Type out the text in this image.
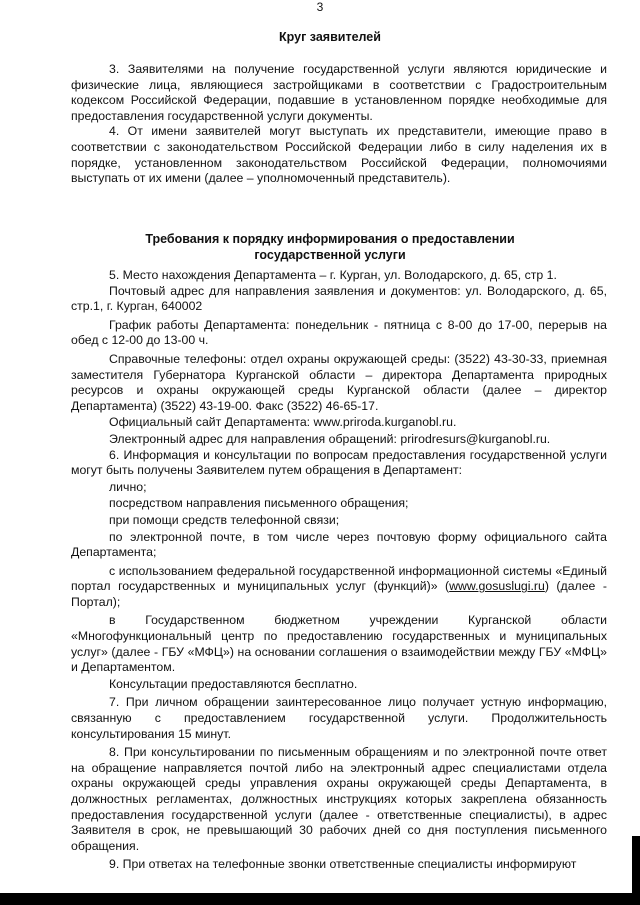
3
Круг заявителей

3. Заявителями на получение государственной услуги являются юридические и физические лица, являющиеся застройщиками в соответствии с Градостроительным кодексом Российской Федерации, подавшие в установленном порядке необходимые для предоставления государственной услуги документы.

4. От имени заявителей могут выступать их представители, имеющие право в соответствии с законодательством Российской Федерации либо в силу наделения их в порядке, установленном законодательством Российской Федерации, полномочиями выступать от их имени (далее – уполномоченный представитель).

Требования к порядку информирования о предоставлении
государственной услуги

5. Место нахождения Департамента – г. Курган, ул. Володарского, д. 65, стр 1.

Почтовый адрес для направления заявления и документов: ул. Володарского, д. 65, стр.1, г. Курган, 640002

График работы Департамента: понедельник - пятница с 8-00 до 17-00, перерыв на обед с 12-00 до 13-00 ч.

Справочные телефоны: отдел охраны окружающей среды: (3522) 43-30-33, приемная заместителя Губернатора Курганской области – директора Департамента природных ресурсов и охраны окружающей среды Курганской области (далее – директор Департамента) (3522) 43-19-00. Факс (3522) 46-65-17.

Официальный сайт Департамента: www.priroda.kurganobl.ru.

Электронный адрес для направления обращений: prirodresurs@kurganobl.ru.

6. Информация и консультации по вопросам предоставления государственной услуги могут быть получены Заявителем путем обращения в Департамент:

лично;

посредством направления письменного обращения;

при помощи средств телефонной связи;

по электронной почте, в том числе через почтовую форму официального сайта Департамента;

с использованием федеральной государственной информационной системы «Единый портал государственных и муниципальных услуг (функций)» (www.gosuslugi.ru) (далее - Портал);

в Государственном бюджетном учреждении Курганской области «Многофункциональный центр по предоставлению государственных и муниципальных услуг» (далее - ГБУ «МФЦ») на основании соглашения о взаимодействии между ГБУ «МФЦ» и Департаментом.

Консультации предоставляются бесплатно.

7. При личном обращении заинтересованное лицо получает устную информацию, связанную с предоставлением государственной услуги. Продолжительность консультирования 15 минут.

8. При консультировании по письменным обращениям и по электронной почте ответ на обращение направляется почтой либо на электронный адрес специалистами отдела охраны окружающей среды управления охраны окружающей среды Департамента, в должностных регламентах, должностных инструкциях которых закреплена обязанность предоставления государственной услуги (далее - ответственные специалисты), в адрес Заявителя в срок, не превышающий 30 рабочих дней со дня поступления письменного обращения.

9. При ответах на телефонные звонки ответственные специалисты информируют
